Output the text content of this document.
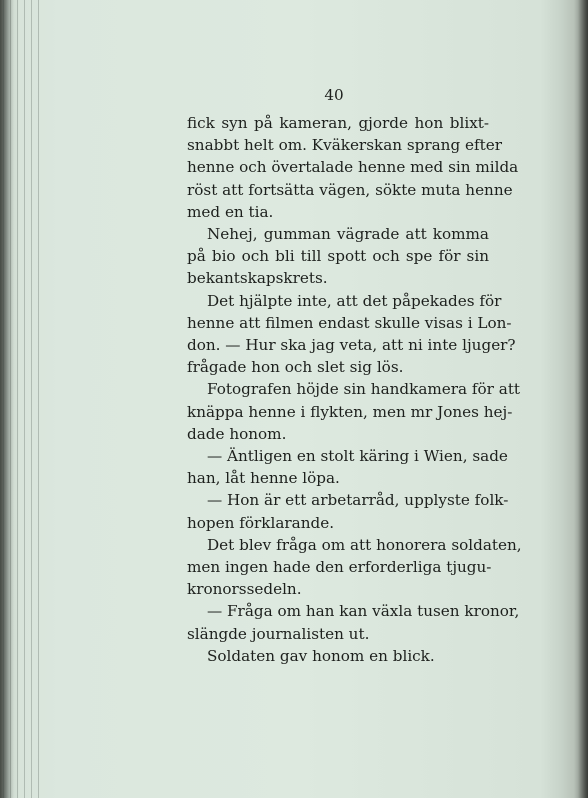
40
fick syn på kameran, gjorde hon blixt-
snabbt helt om. Kväkerskan sprang efter
henne och övertalade henne med sin milda
röst att fortsätta vägen, sökte muta henne
med en tia.
Nehej, gumman vägrade att komma
på bio och bli till spott och spe för sin
bekantskapskrets.
Det hjälpte inte, att det påpekades för
henne att filmen endast skulle visas i Lon-
don. — Hur ska jag veta, att ni inte ljuger?
frågade hon och slet sig lös.
Fotografen höjde sin handkamera för att
knäppa henne i flykten, men mr Jones hej-
dade honom.
— Äntligen en stolt käring i Wien, sade
han, låt henne löpa.
— Hon är ett arbetarråd, upplyste folk-
hopen förklarande.
Det blev fråga om att honorera soldaten,
men ingen hade den erforderliga tjugu-
kronorssedeln.
— Fråga om han kan växla tusen kronor,
slängde journalisten ut.
Soldaten gav honom en blick.
